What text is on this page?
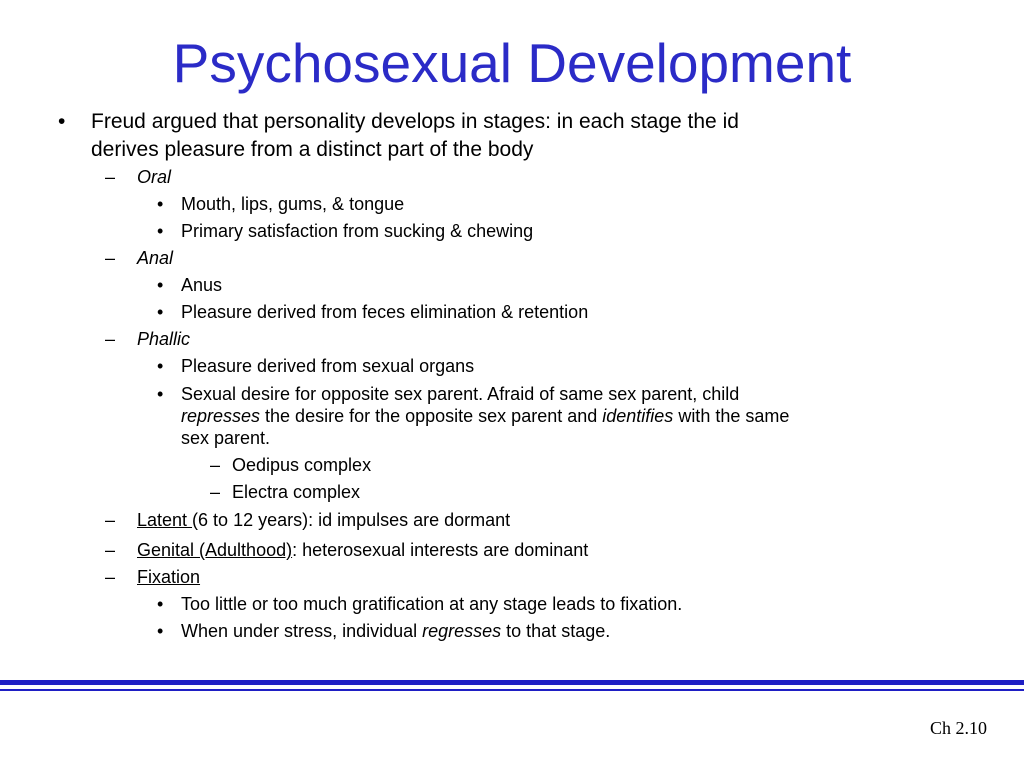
Psychosexual Development
• Freud argued that personality develops in stages: in each stage the id
derives pleasure from a distinct part of the body
– Oral
• Mouth, lips, gums, & tongue
• Primary satisfaction from sucking & chewing
– Anal
• Anus
• Pleasure derived from feces elimination & retention
– Phallic
• Pleasure derived from sexual organs
• Sexual desire for opposite sex parent. Afraid of same sex parent, child
represses the desire for the opposite sex parent and identifies with the same
sex parent.
– Oedipus complex
– Electra complex
– Latent (6 to 12 years): id impulses are dormant
– Genital (Adulthood): heterosexual interests are dominant
– Fixation
• Too little or too much gratification at any stage leads to fixation.
• When under stress, individual regresses to that stage.
Ch 2.10
